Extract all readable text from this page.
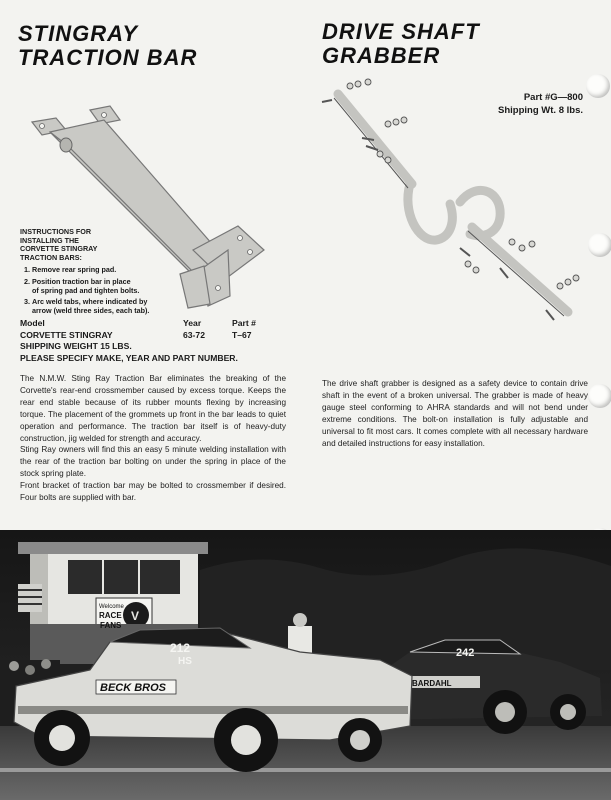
STINGRAY
TRACTION BAR
DRIVE SHAFT
GRABBER
Part #G—800
Shipping Wt. 8 lbs.
INSTRUCTIONS FOR
INSTALLING THE
CORVETTE STINGRAY
TRACTION BARS:
1. Remove rear spring pad.
2. Position traction bar in place
of spring pad and tighten bolts.
3. Arc weld tabs, where indicated by
arrow (weld three sides, each tab).
Model	Year	Part #
CORVETTE STINGRAY	63-72	T–67
SHIPPING WEIGHT 15 LBS.
PLEASE SPECIFY MAKE, YEAR AND PART NUMBER.

The N.M.W. Sting Ray Traction Bar eliminates the breaking of the Corvette's rear-end crossmember caused by excess torque. Keeps the rear end stable because of its rubber mounts flexing by increasing torque. The placement of the grommets up front in the bar leads to quiet operation and performance. The traction bar itself is of heavy-duty construction, jig welded for strength and accuracy.

Sting Ray owners will find this an easy 5 minute welding installation with the rear of the traction bar bolting on under the spring in place of the stock spring plate.

Front bracket of traction bar may be bolted to crossmember if desired. Four bolts are supplied with bar.

The drive shaft grabber is designed as a safety device to contain drive shaft in the event of a broken universal. The grabber is made of heavy gauge steel conforming to AHRA standards and will not bend under extreme conditions. The bolt-on installation is fully adjustable and universal to fit most cars. It comes complete with all necessary hardware and detailed instructions for easy installation.

Welcome
RACE
FANS
V
212
HS
BECK BROS
242
BARDAHL
